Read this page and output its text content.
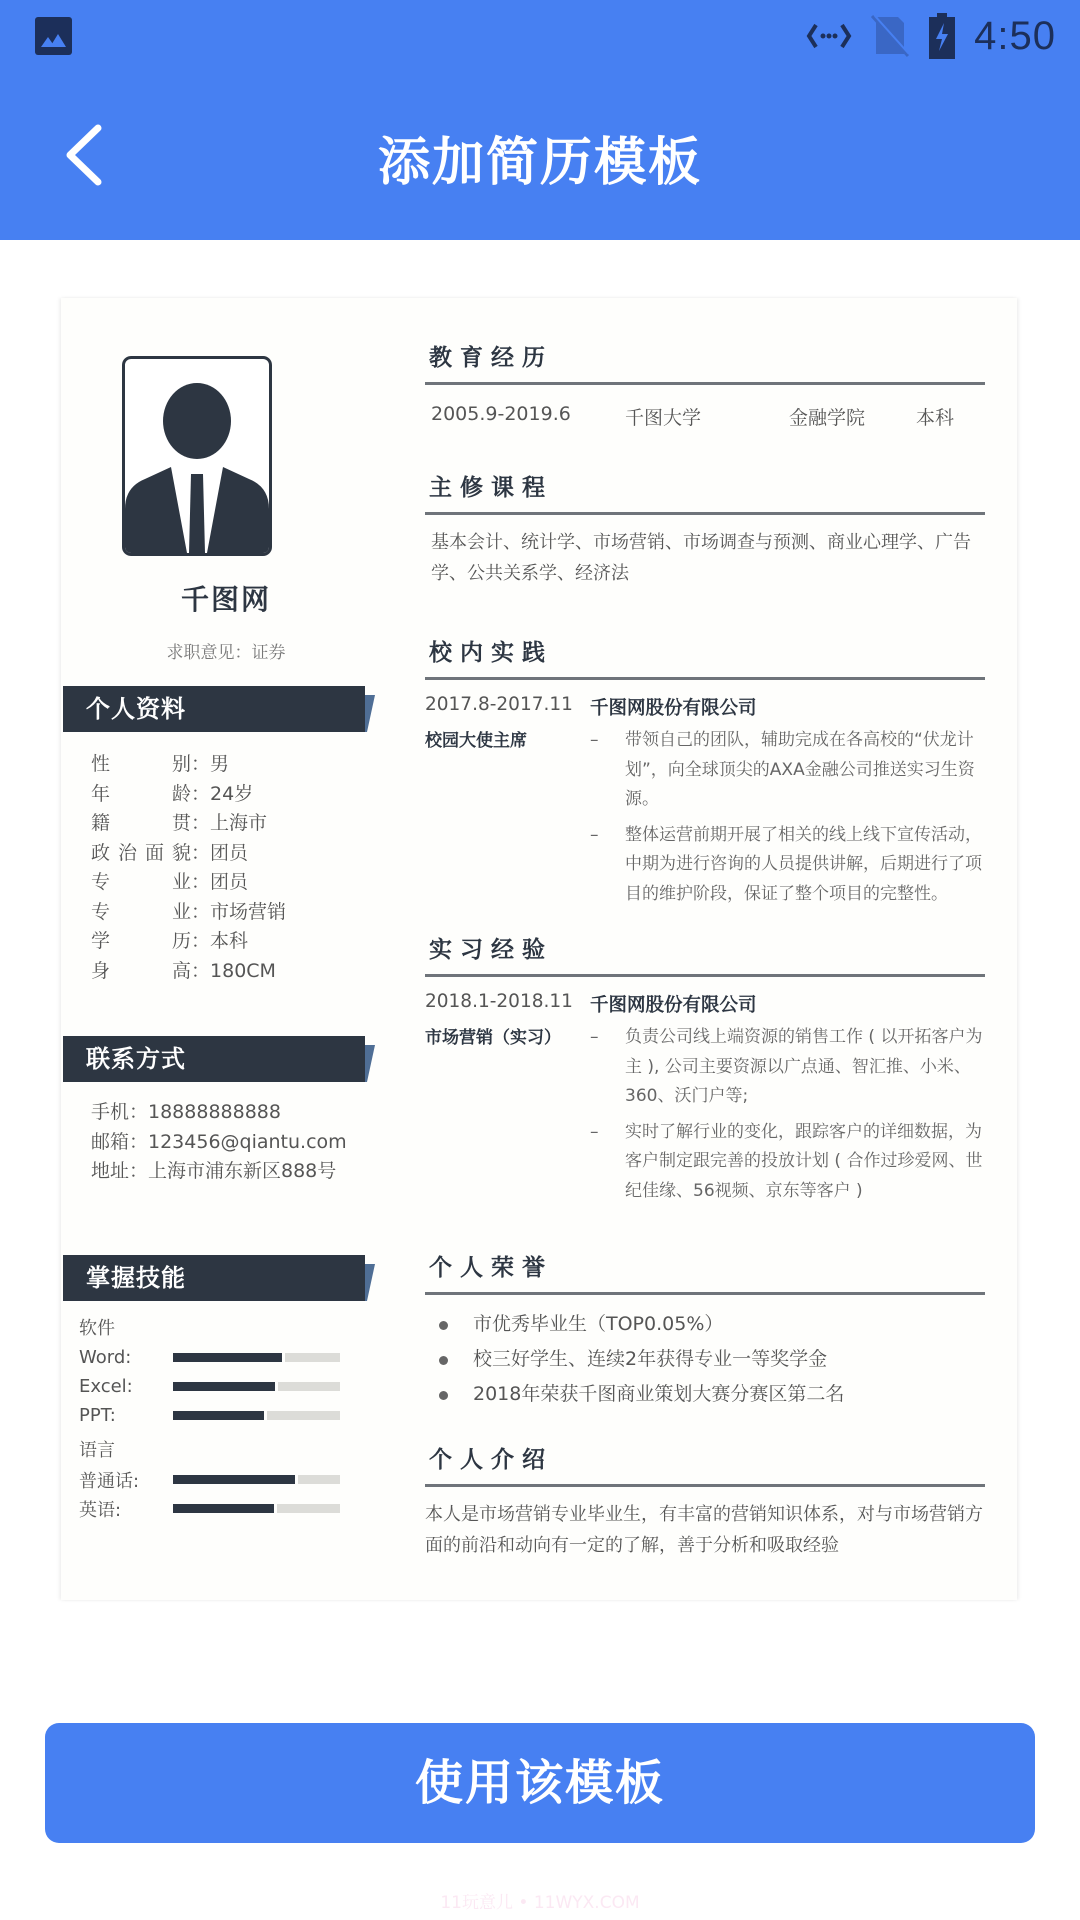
4:50
添加简历模板
千图网
求职意见：证券
个人资料
性别 ： 男
年龄 ： 24岁
籍贯 ： 上海市
政治面貌 ： 团员
专业 ： 团员
专业 ： 市场营销
学历 ： 本科
身高 ： 180CM
联系方式
手机：18888888888
邮箱：123456@qiantu.com
地址：上海市浦东新区888号
掌握技能
软件
Word:
Excel:
PPT:
语言
普通话:
英语:
教育经历
2005.9-2019.6	千图大学	金融学院	本科
主修课程
基本会计、统计学、市场营销、市场调查与预测、商业心理学、广告学、公共关系学、经济法
校内实践
2017.8-2017.11 千图网股份有限公司
校园大使主席	–	带领自己的团队，辅助完成在各高校的“伏龙计划”，向全球顶尖的AXA金融公司推送实习生资源。
–	整体运营前期开展了相关的线上线下宣传活动，中期为进行咨询的人员提供讲解，后期进行了项目的维护阶段，保证了整个项目的完整性。
实习经验
2018.1-2018.11 千图网股份有限公司
市场营销（实习）	–	负责公司线上端资源的销售工作 ( 以开拓客户为主 ), 公司主要资源以广点通、智汇推、小米、360、沃门户等;
–	实时了解行业的变化，跟踪客户的详细数据，为客户制定跟完善的投放计划 ( 合作过珍爱网、世纪佳缘、56视频、京东等客户 )
个人荣誉
市优秀毕业生（TOP0.05%）
校三好学生、连续2年获得专业一等奖学金
2018年荣获千图商业策划大赛分赛区第二名
个人介绍
本人是市场营销专业毕业生，有丰富的营销知识体系，对与市场营销方面的前沿和动向有一定的了解，善于分析和吸取经验
使用该模板
11玩意儿 • 11WYX.COM
